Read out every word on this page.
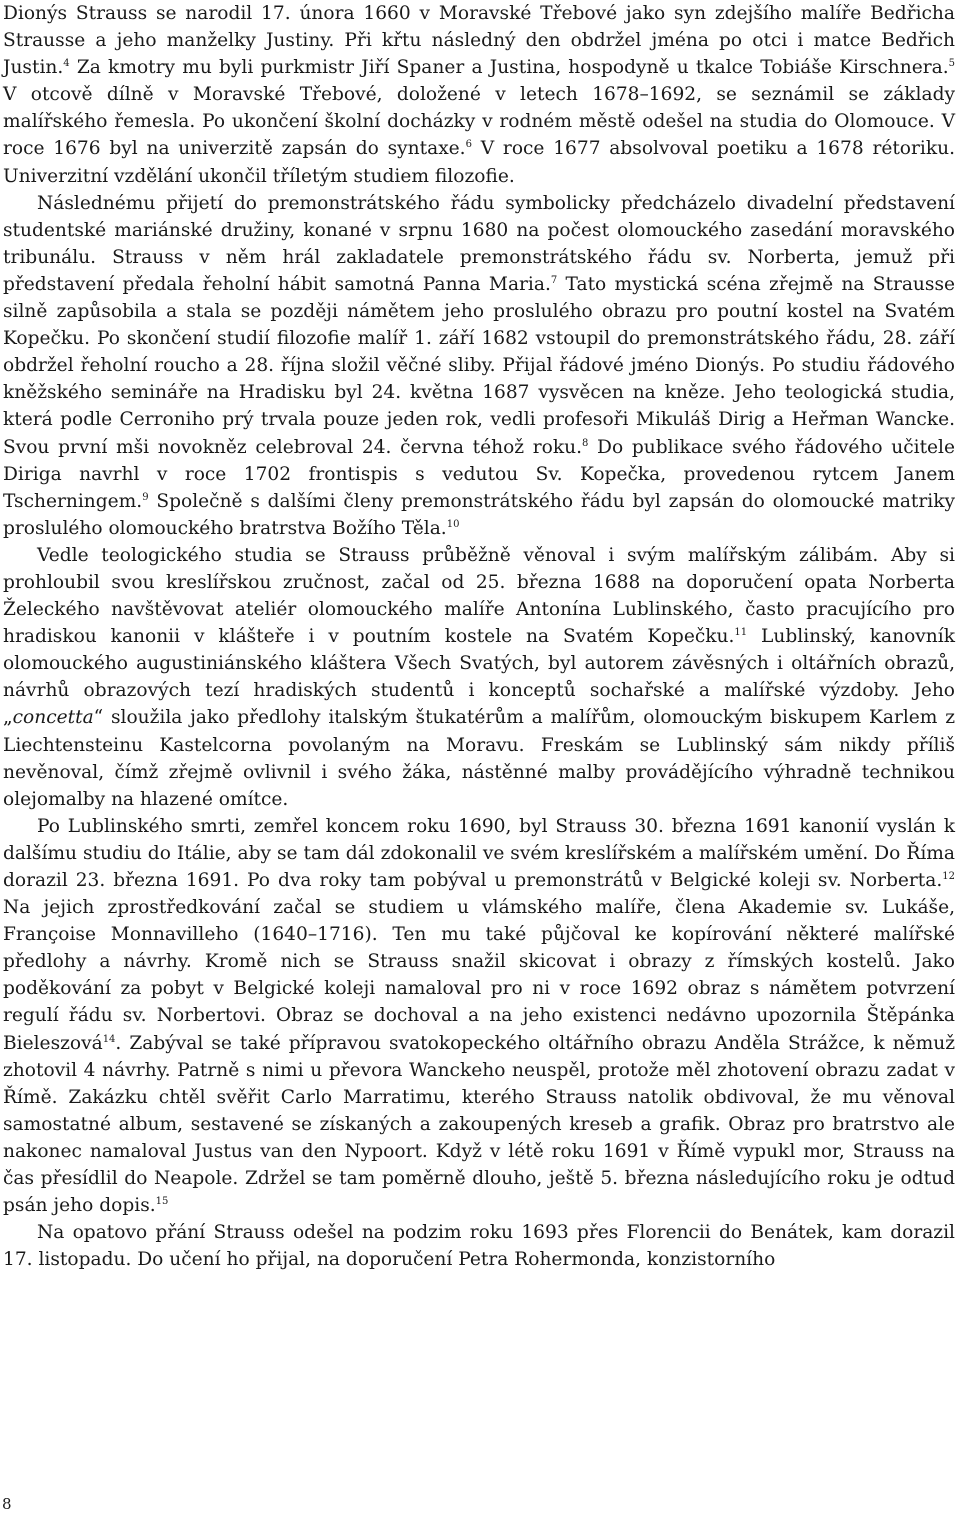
Dionýs Strauss se narodil 17. února 1660 v Moravské Třebové jako syn zdejšího malíře Bedřicha Strausse a jeho manželky Justiny. Při křtu následný den obdržel jména po otci i matce Bedřich Justin.$^4$ Za kmotry mu byli purkmistr Jiří Spaner a Justina, hospodyně u tkalce Tobiáše Kirschnera.$^5$ V otcově dílně v Moravské Třebové, doložené v letech 1678–1692, se seznámil se základy malířského řemesla. Po ukončení školní docházky v rodném městě odešel na studia do Olomouce. V roce 1676 byl na univerzitě zapsán do syntaxe.$^6$ V roce 1677 absolvoval poetiku a 1678 rétoriku. Univerzitní vzdělání ukončil tříletým studiem filozofie.

Následnému přijetí do premonstrátského řádu symbolicky předcházelo divadelní představení studentské mariánské družiny, konané v srpnu 1680 na počest olomouckého zasedání moravského tribunálu. Strauss v něm hrál zakladatele premonstrátského řádu sv. Norberta, jemuž při představení předala řeholní hábit samotná Panna Maria.$^7$ Tato mystická scéna zřejmě na Strausse silně zapůsobila a stala se později námětem jeho proslulého obrazu pro poutní kostel na Svatém Kopečku. Po skončení studií filozofie malíř 1. září 1682 vstoupil do premonstrátského řádu, 28. září obdržel řeholní roucho a 28. října složil věčné sliby. Přijal řádové jméno Dionýs. Po studiu řádového kněžského semináře na Hradisku byl 24. května 1687 vysvěcen na kněze. Jeho teologická studia, která podle Cerroniho prý trvala pouze jeden rok, vedli profesoři Mikuláš Dirig a Heřman Wancke. Svou první mši novokněz celebroval 24. června téhož roku.$^8$ Do publikace svého řádového učitele Diriga navrhl v roce 1702 frontispis s vedutou Sv. Kopečka, provedenou rytcem Janem Tscherningem.$^9$ Společně s dalšími členy premonstrátského řádu byl zapsán do olomoucké matriky proslulého olomouckého bratrstva Božího Těla.$^{10}$

Vedle teologického studia se Strauss průběžně věnoval i svým malířským zálibám. Aby si prohloubil svou kreslířskou zručnost, začal od 25. března 1688 na doporučení opata Norberta Želeckého navštěvovat ateliér olomouckého malíře Antonína Lublinského, často pracujícího pro hradiskou kanonii v klášteře i v poutním kostele na Svatém Kopečku.$^{11}$ Lublinský, kanovník olomouckého augustiniánského kláštera Všech Svatých, byl autorem závěsných i oltářních obrazů, návrhů obrazových tezí hradiských studentů i konceptů sochařské a malířské výzdoby. Jeho „concetta“ sloužila jako předlohy italským štukatérům a malířům, olomouckým biskupem Karlem z Liechtensteinu Kastelcorna povolaným na Moravu. Freskám se Lublinský sám nikdy příliš nevěnoval, čímž zřejmě ovlivnil i svého žáka, nástěnné malby provádějícího výhradně technikou olejomalby na hlazené omítce.

Po Lublinského smrti, zemřel koncem roku 1690, byl Strauss 30. března 1691 kanonií vyslán k dalšímu studiu do Itálie, aby se tam dál zdokonalil ve svém kreslířském a malířském umění. Do Říma dorazil 23. března 1691. Po dva roky tam pobýval u premonstrátů v Belgické koleji sv. Norberta.$^{12}$ Na jejich zprostředkování začal se studiem u vlámského malíře, člena Akademie sv. Lukáše, Françoise Monnavilleho (1640–1716). Ten mu také půjčoval ke kopírování některé malířské předlohy a návrhy. Kromě nich se Strauss snažil skicovat i obrazy z římských kostelů. Jako poděkování za pobyt v Belgické koleji namaloval pro ni v roce 1692 obraz s námětem potvrzení regulí řádu sv. Norbertovi. Obraz se dochoval a na jeho existenci nedávno upozornila Štěpánka Bieleszová$^{14}$. Zabýval se také přípravou svatokopeckého oltářního obrazu Anděla Strážce, k němuž zhotovil 4 návrhy. Patrně s nimi u převora Wanckeho neuspěl, protože měl zhotovení obrazu zadat v Římě. Zakázku chtěl svěřit Carlo Marratimu, kterého Strauss natolik obdivoval, že mu věnoval samostatné album, sestavené se získaných a zakoupených kreseb a grafik. Obraz pro bratrstvo ale nakonec namaloval Justus van den Nypoort. Když v létě roku 1691 v Římě vypukl mor, Strauss na čas přesídlil do Neapole. Zdržel se tam poměrně dlouho, ještě 5. března následujícího roku je odtud psán jeho dopis.$^{15}$

Na opatovo přání Strauss odešel na podzim roku 1693 přes Florencii do Benátek, kam dorazil 17. listopadu. Do učení ho přijal, na doporučení Petra Rohermonda, konzistorního

8
